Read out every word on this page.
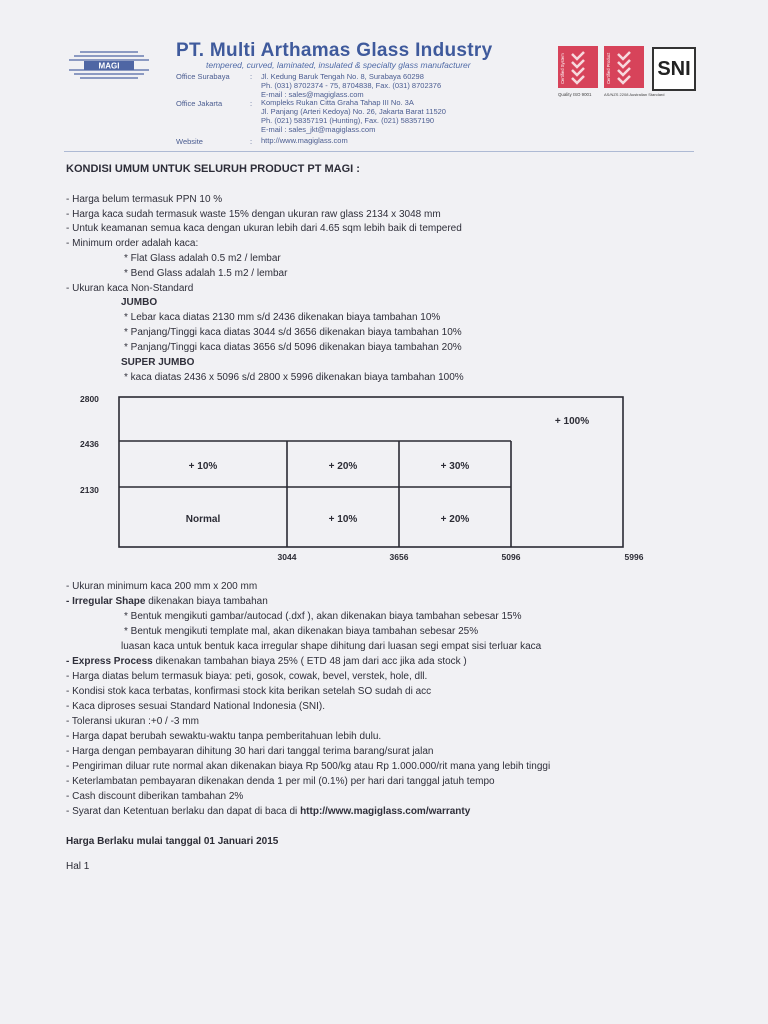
MAGI
PT. Multi Arthamas Glass Industry
tempered, curved, laminated, insulated & specialty glass manufacturer	Certified System	Certified Product
Quality ISO 9001	AS/NZS 2208 Australian Standard
SNI
Office Surabaya	: Jl. Kedung Baruk Tengah No. 8, Surabaya 60298
Ph. (031) 8702374 - 75, 8704838, Fax. (031) 8702376
E-mail : sales@magiglass.com
Office Jakarta	: Kompleks Rukan Citta Graha Tahap III No. 3A
Jl. Panjang (Arteri Kedoya) No. 26, Jakarta Barat 11520
Ph. (021) 58357191 (Hunting), Fax. (021) 58357190
E-mail : sales_jkt@magiglass.com
Website	: http://www.magiglass.com
KONDISI UMUM UNTUK SELURUH PRODUCT PT MAGI :
- Harga belum termasuk PPN 10 %
- Harga kaca sudah termasuk waste 15% dengan ukuran raw glass 2134 x 3048 mm
- Untuk keamanan semua kaca dengan ukuran lebih dari 4.65 sqm lebih baik di tempered
- Minimum order adalah kaca:
* Flat Glass adalah 0.5 m2 / lembar
* Bend Glass adalah 1.5 m2 / lembar
- Ukuran kaca Non-Standard
JUMBO
* Lebar kaca diatas 2130 mm s/d 2436 dikenakan biaya tambahan 10%
* Panjang/Tinggi kaca diatas 3044 s/d 3656 dikenakan biaya tambahan 10%
* Panjang/Tinggi kaca diatas 3656 s/d 5096 dikenakan biaya tambahan 20%
SUPER JUMBO
* kaca diatas 2436 x 5096 s/d 2800 x 5996 dikenakan biaya tambahan 100%
2800
2436
2130
3044	3656	5096	5996
+ 100%
+ 10%	+ 20%	+ 30%
Normal	+ 10%	+ 20%
- Ukuran minimum kaca 200 mm x 200 mm
- Irregular Shape dikenakan biaya tambahan
* Bentuk mengikuti gambar/autocad (.dxf ), akan dikenakan biaya tambahan sebesar 15%
* Bentuk mengikuti template mal, akan dikenakan biaya tambahan sebesar 25%
luasan kaca untuk bentuk kaca irregular shape dihitung dari luasan segi empat sisi terluar kaca
- Express Process dikenakan tambahan biaya 25% ( ETD 48 jam dari acc jika ada stock )
- Harga diatas belum termasuk biaya: peti, gosok, cowak, bevel, verstek, hole, dll.
- Kondisi stok kaca terbatas, konfirmasi stock kita berikan setelah SO sudah di acc
- Kaca diproses sesuai Standard National Indonesia (SNI).
- Toleransi ukuran :+0 / -3 mm
- Harga dapat berubah sewaktu-waktu tanpa pemberitahuan lebih dulu.
- Harga dengan pembayaran dihitung 30 hari dari tanggal terima barang/surat jalan
- Pengiriman diluar rute normal akan dikenakan biaya Rp 500/kg atau Rp 1.000.000/rit mana yang lebih tinggi
- Keterlambatan pembayaran dikenakan denda 1 per mil (0.1%) per hari dari tanggal jatuh tempo
- Cash discount diberikan tambahan 2%
- Syarat dan Ketentuan berlaku dan dapat di baca di http://www.magiglass.com/warranty
Harga Berlaku mulai tanggal 01 Januari 2015
Hal 1
